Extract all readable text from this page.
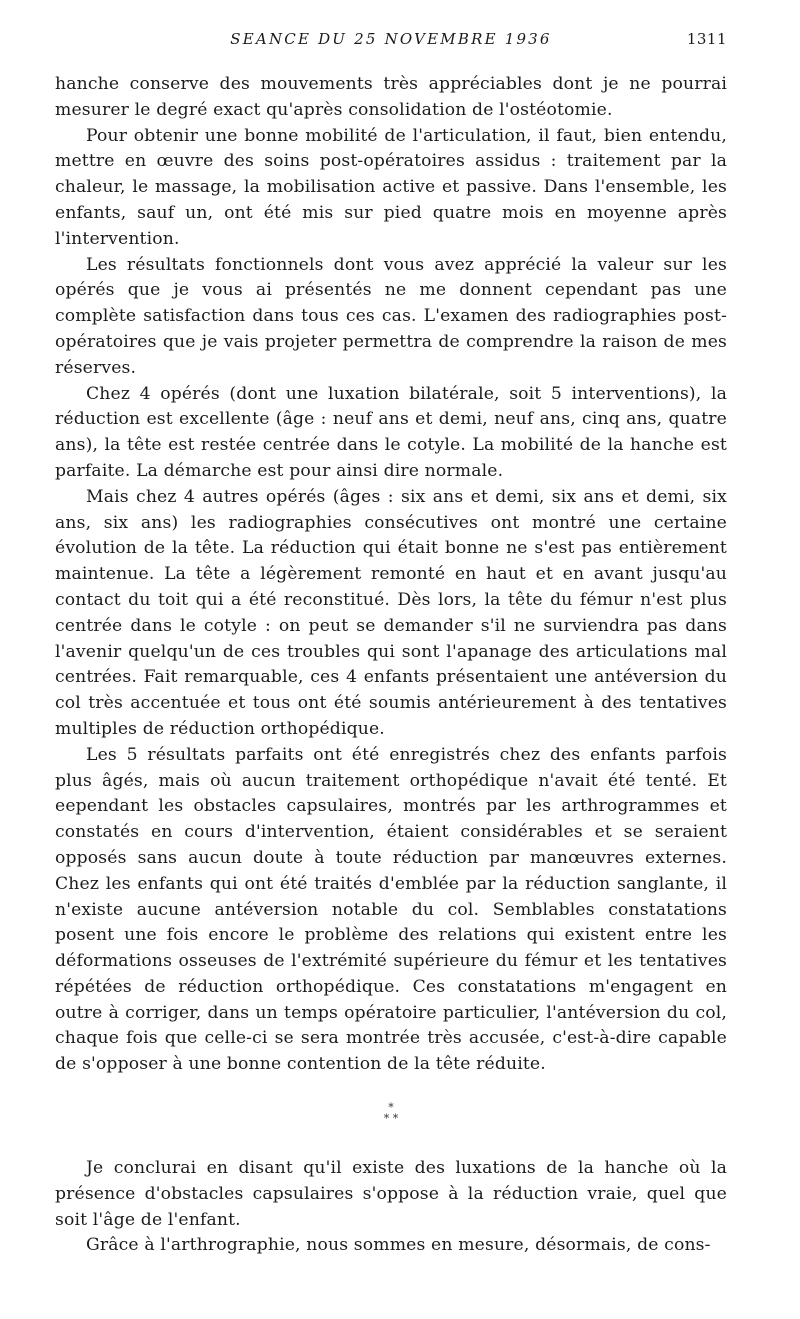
SEANCE DU 25 NOVEMBRE 1936	1311

hanche conserve des mouvements très appréciables dont je ne pourrai mesurer le degré exact qu'après consolidation de l'ostéotomie.

Pour obtenir une bonne mobilité de l'articulation, il faut, bien entendu, mettre en œuvre des soins post-opératoires assidus : traitement par la chaleur, le massage, la mobilisation active et passive. Dans l'ensemble, les enfants, sauf un, ont été mis sur pied quatre mois en moyenne après l'intervention.

Les résultats fonctionnels dont vous avez apprécié la valeur sur les opérés que je vous ai présentés ne me donnent cependant pas une complète satisfaction dans tous ces cas. L'examen des radiographies post-opératoires que je vais projeter permettra de comprendre la raison de mes réserves.

Chez 4 opérés (dont une luxation bilatérale, soit 5 interventions), la réduction est excellente (âge : neuf ans et demi, neuf ans, cinq ans, quatre ans), la tête est restée centrée dans le cotyle. La mobilité de la hanche est parfaite. La démarche est pour ainsi dire normale.

Mais chez 4 autres opérés (âges : six ans et demi, six ans et demi, six ans, six ans) les radiographies consécutives ont montré une certaine évolution de la tête. La réduction qui était bonne ne s'est pas entièrement maintenue. La tête a légèrement remonté en haut et en avant jusqu'au contact du toit qui a été reconstitué. Dès lors, la tête du fémur n'est plus centrée dans le cotyle : on peut se demander s'il ne surviendra pas dans l'avenir quelqu'un de ces troubles qui sont l'apanage des articulations mal centrées. Fait remarquable, ces 4 enfants présentaient une antéversion du col très accentuée et tous ont été soumis antérieurement à des tentatives multiples de réduction orthopédique.

Les 5 résultats parfaits ont été enregistrés chez des enfants parfois plus âgés, mais où aucun traitement orthopédique n'avait été tenté. Et eependant les obstacles capsulaires, montrés par les arthrogrammes et constatés en cours d'intervention, étaient considérables et se seraient opposés sans aucun doute à toute réduction par manœuvres externes. Chez les enfants qui ont été traités d'emblée par la réduction sanglante, il n'existe aucune antéversion notable du col. Semblables constatations posent une fois encore le problème des relations qui existent entre les déformations osseuses de l'extrémité supérieure du fémur et les tentatives répétées de réduction orthopédique. Ces constatations m'engagent en outre à corriger, dans un temps opératoire particulier, l'antéversion du col, chaque fois que celle-ci se sera montrée très accusée, c'est-à-dire capable de s'opposer à une bonne contention de la tête réduite.

*
* *

Je conclurai en disant qu'il existe des luxations de la hanche où la présence d'obstacles capsulaires s'oppose à la réduction vraie, quel que soit l'âge de l'enfant.

Grâce à l'arthrographie, nous sommes en mesure, désormais, de cons-
